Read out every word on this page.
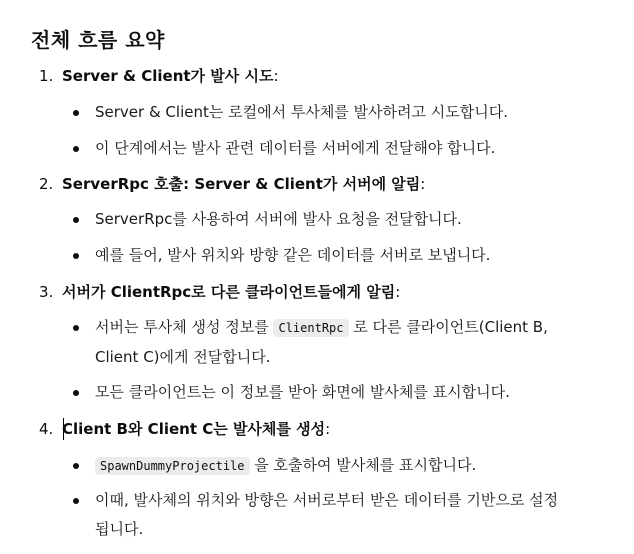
전체 흐름 요약
1. Server & Client가 발사 시도:
Server & Client는 로컬에서 투사체를 발사하려고 시도합니다.
이 단계에서는 발사 관련 데이터를 서버에게 전달해야 합니다.
2. ServerRpc 호출: Server & Client가 서버에 알림:
ServerRpc를 사용하여 서버에 발사 요청을 전달합니다.
예를 들어, 발사 위치와 방향 같은 데이터를 서버로 보냅니다.
3. 서버가 ClientRpc로 다른 클라이언트들에게 알림:
서버는 투사체 생성 정보를 ClientRpc 로 다른 클라이언트(Client B,
Client C)에게 전달합니다.
모든 클라이언트는 이 정보를 받아 화면에 발사체를 표시합니다.
4. Client B와 Client C는 발사체를 생성:
SpawnDummyProjectile 을 호출하여 발사체를 표시합니다.
이때, 발사체의 위치와 방향은 서버로부터 받은 데이터를 기반으로 설정
됩니다.
